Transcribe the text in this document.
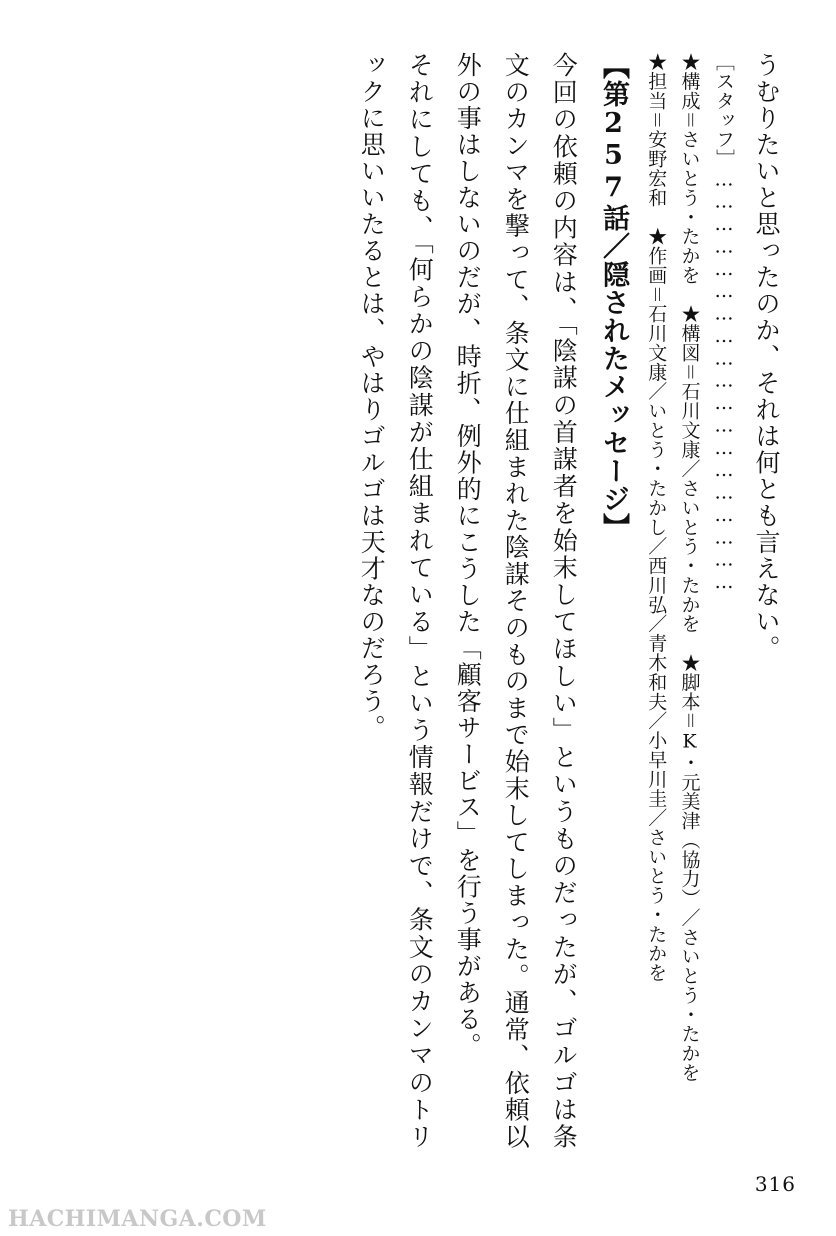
うむりたいと思ったのか、それは何とも言えない。
［スタッフ］…………………………………………………
★構成＝さいとう・たかを　★構図＝石川文康／さいとう・たかを　★脚本＝K・元美津（協力）／さいとう・たかを
★担当＝安野宏和　★作画＝石川文康／いとう・たかし／西川弘／青木和夫／小早川圭／さいとう・たかを
【第257話／隠されたメッセージ】
今回の依頼の内容は、「陰謀の首謀者を始末してほしい」というものだったが、ゴルゴは条文のカンマを撃って、条文に仕組まれた陰謀そのものまで始末してしまった。通常、依頼以外の事はしないのだが、時折、例外的にこうした「顧客サービス」を行う事がある。
それにしても、「何らかの陰謀が仕組まれている」という情報だけで、条文のカンマのトリックに思いいたるとは、やはりゴルゴは天才なのだろう。
316
HACHIMANGA.COM
